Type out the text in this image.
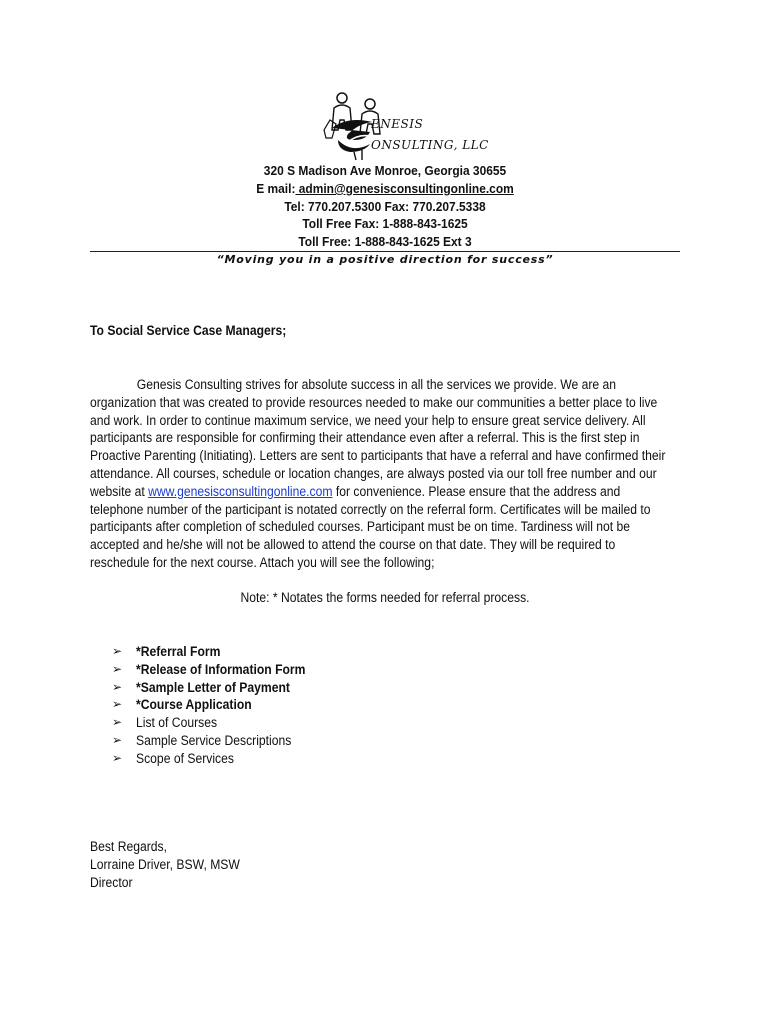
ENESIS
ONSULTING, LLC
320 S Madison Ave Monroe, Georgia 30655
E mail: admin@genesisconsultingonline.com
Tel: 770.207.5300 Fax: 770.207.5338
Toll Free Fax: 1-888-843-1625
Toll Free: 1-888-843-1625 Ext 3
“Moving you in a positive direction for success”
To Social Service Case Managers;
Genesis Consulting strives for absolute success in all the services we provide. We are an organization that was created to provide resources needed to make our communities a better place to live and work. In order to continue maximum service, we need your help to ensure great service delivery. All participants are responsible for confirming their attendance even after a referral. This is the first step in Proactive Parenting (Initiating). Letters are sent to participants that have a referral and have confirmed their attendance. All courses, schedule or location changes, are always posted via our toll free number and our website at www.genesisconsultingonline.com for convenience. Please ensure that the address and telephone number of the participant is notated correctly on the referral form. Certificates will be mailed to participants after completion of scheduled courses. Participant must be on time. Tardiness will not be accepted and he/she will not be allowed to attend the course on that date. They will be required to reschedule for the next course. Attach you will see the following;
Note: * Notates the forms needed for referral process.
➢	*Referral Form
➢	*Release of Information Form
➢	*Sample Letter of Payment
➢	*Course Application
➢	List of Courses
➢	Sample Service Descriptions
➢	Scope of Services
Best Regards,
Lorraine Driver, BSW, MSW
Director
